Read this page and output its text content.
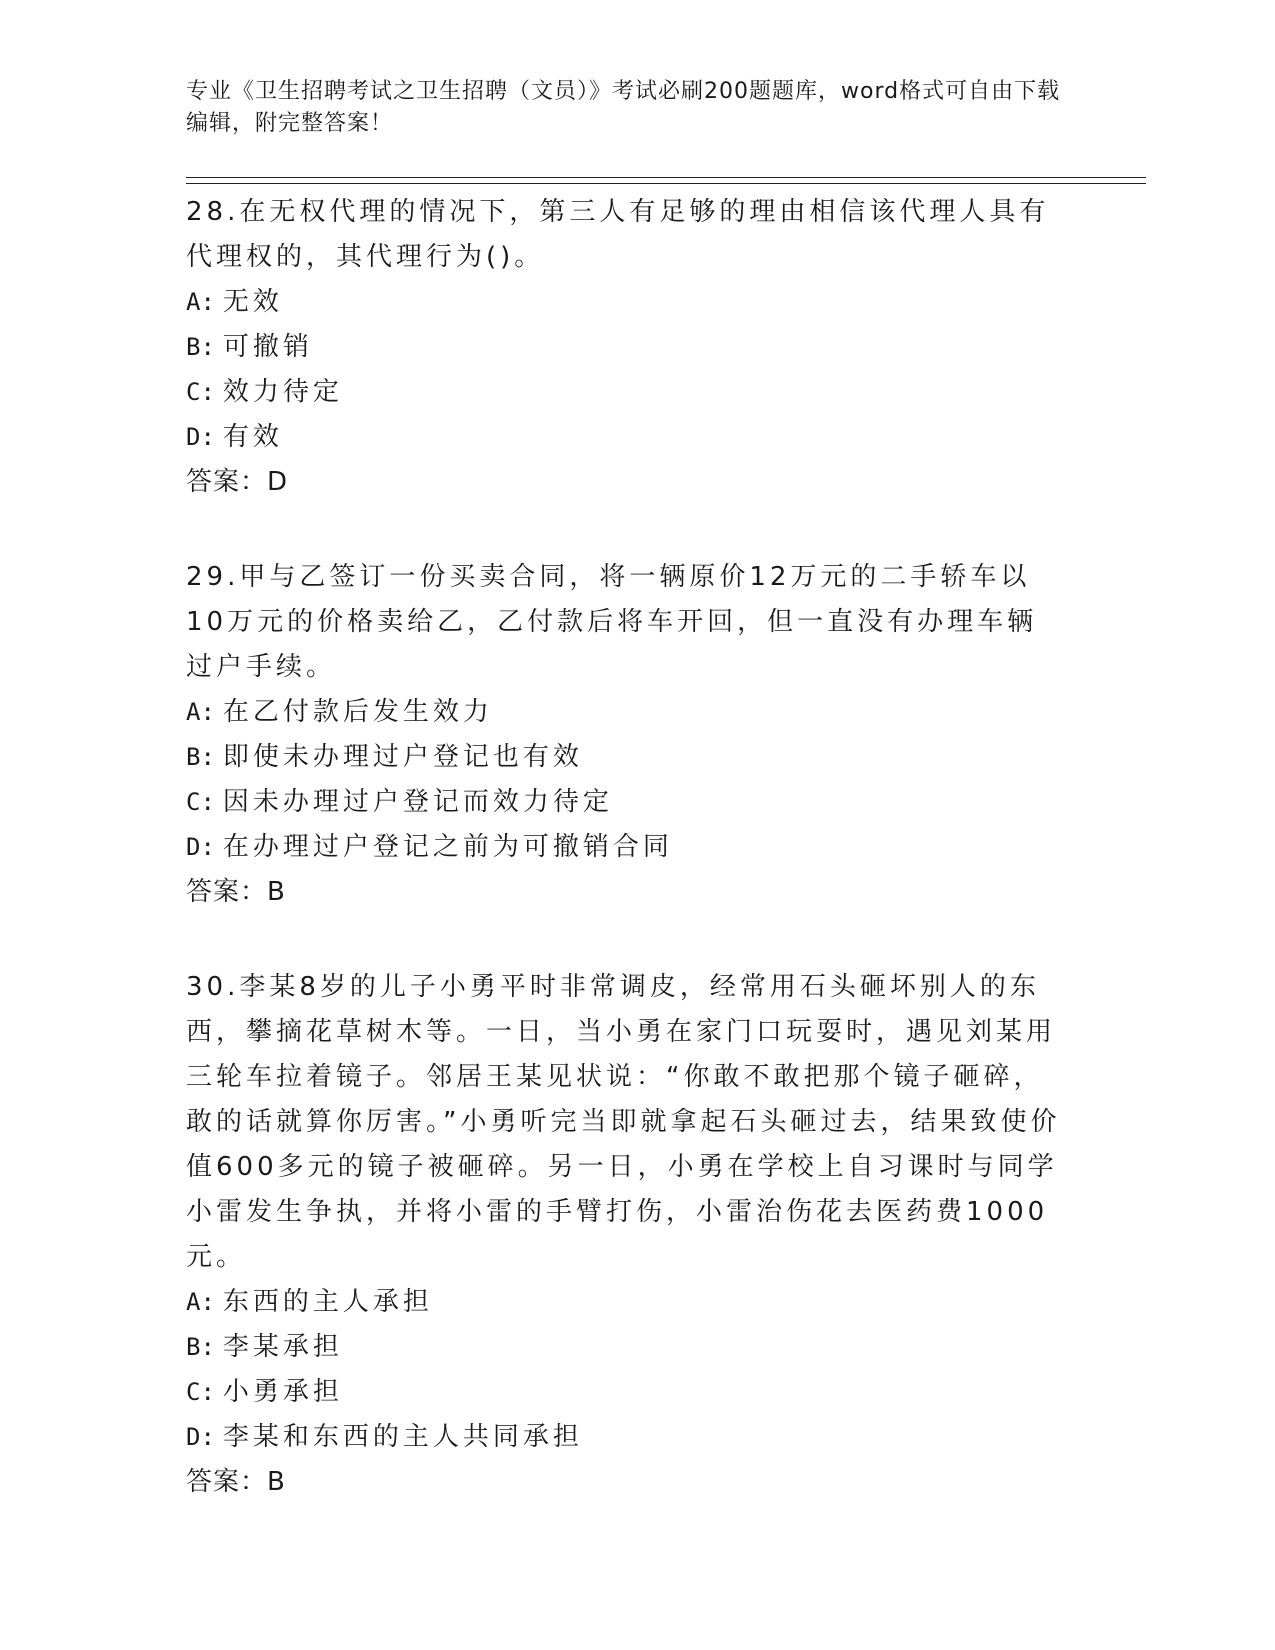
专业《卫生招聘考试之卫生招聘（文员）》考试必刷200题题库，word格式可自由下载编辑，附完整答案！

28.在无权代理的情况下，第三人有足够的理由相信该代理人具有代理权的，其代理行为()。

A: 无效

B: 可撤销

C: 效力待定

D: 有效

答案：D

29.甲与乙签订一份买卖合同，将一辆原价12万元的二手轿车以10万元的价格卖给乙，乙付款后将车开回，但一直没有办理车辆过户手续。

A: 在乙付款后发生效力

B: 即使未办理过户登记也有效

C: 因未办理过户登记而效力待定

D: 在办理过户登记之前为可撤销合同

答案：B

30.李某8岁的儿子小勇平时非常调皮，经常用石头砸坏别人的东西，攀摘花草树木等。一日，当小勇在家门口玩耍时，遇见刘某用三轮车拉着镜子。邻居王某见状说：“你敢不敢把那个镜子砸碎，敢的话就算你厉害。”小勇听完当即就拿起石头砸过去，结果致使价值600多元的镜子被砸碎。另一日，小勇在学校上自习课时与同学小雷发生争执，并将小雷的手臂打伤，小雷治伤花去医药费1000元。

A: 东西的主人承担

B: 李某承担

C: 小勇承担

D: 李某和东西的主人共同承担

答案：B
